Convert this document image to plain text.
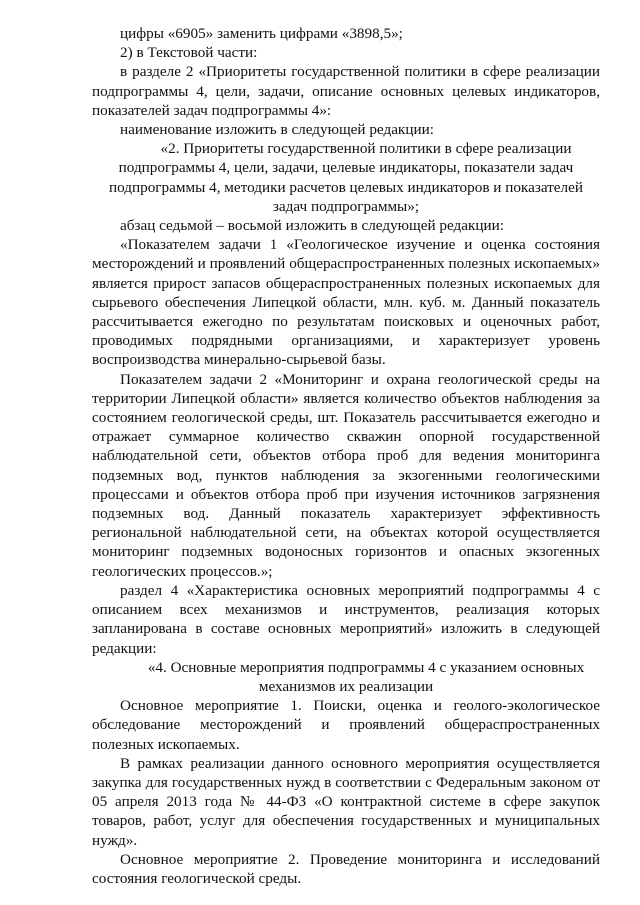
цифры «6905» заменить цифрами «3898,5»;

2) в Текстовой части:

в разделе 2 «Приоритеты государственной политики в сфере реализации подпрограммы 4, цели, задачи, описание основных целевых индикаторов, показателей задач подпрограммы 4»:

наименование изложить в следующей редакции:

«2. Приоритеты государственной политики в сфере реализации подпрограммы 4, цели, задачи, целевые индикаторы, показатели задач подпрограммы 4, методики расчетов целевых индикаторов и показателей задач подпрограммы»;

абзац седьмой – восьмой изложить в следующей редакции:

«Показателем задачи 1 «Геологическое изучение и оценка состояния месторождений и проявлений общераспространенных полезных ископаемых» является прирост запасов общераспространенных полезных ископаемых для сырьевого обеспечения Липецкой области, млн. куб. м. Данный показатель рассчитывается ежегодно по результатам поисковых и оценочных работ, проводимых подрядными организациями, и характеризует уровень воспроизводства минерально-сырьевой базы.

Показателем задачи 2 «Мониторинг и охрана геологической среды на территории Липецкой области» является количество объектов наблюдения за состоянием геологической среды, шт. Показатель рассчитывается ежегодно и отражает суммарное количество скважин опорной государственной наблюдательной сети, объектов отбора проб для ведения мониторинга подземных вод, пунктов наблюдения за экзогенными геологическими процессами и объектов отбора проб при изучения источников загрязнения подземных вод. Данный показатель характеризует эффективность региональной наблюдательной сети, на объектах которой осуществляется мониторинг подземных водоносных горизонтов и опасных экзогенных геологических процессов.»;

раздел 4 «Характеристика основных мероприятий подпрограммы 4 с описанием всех механизмов и инструментов, реализация которых запланирована в составе основных мероприятий» изложить в следующей редакции:

«4. Основные мероприятия подпрограммы 4 с указанием основных механизмов их реализации

Основное мероприятие 1. Поиски, оценка и геолого-экологическое обследование месторождений и проявлений общераспространенных полезных ископаемых.

В рамках реализации данного основного мероприятия осуществляется закупка для государственных нужд в соответствии с Федеральным законом от 05 апреля 2013 года № 44-ФЗ «О контрактной системе в сфере закупок товаров, работ, услуг для обеспечения государственных и муниципальных нужд».

Основное мероприятие 2. Проведение мониторинга и исследований состояния геологической среды.
